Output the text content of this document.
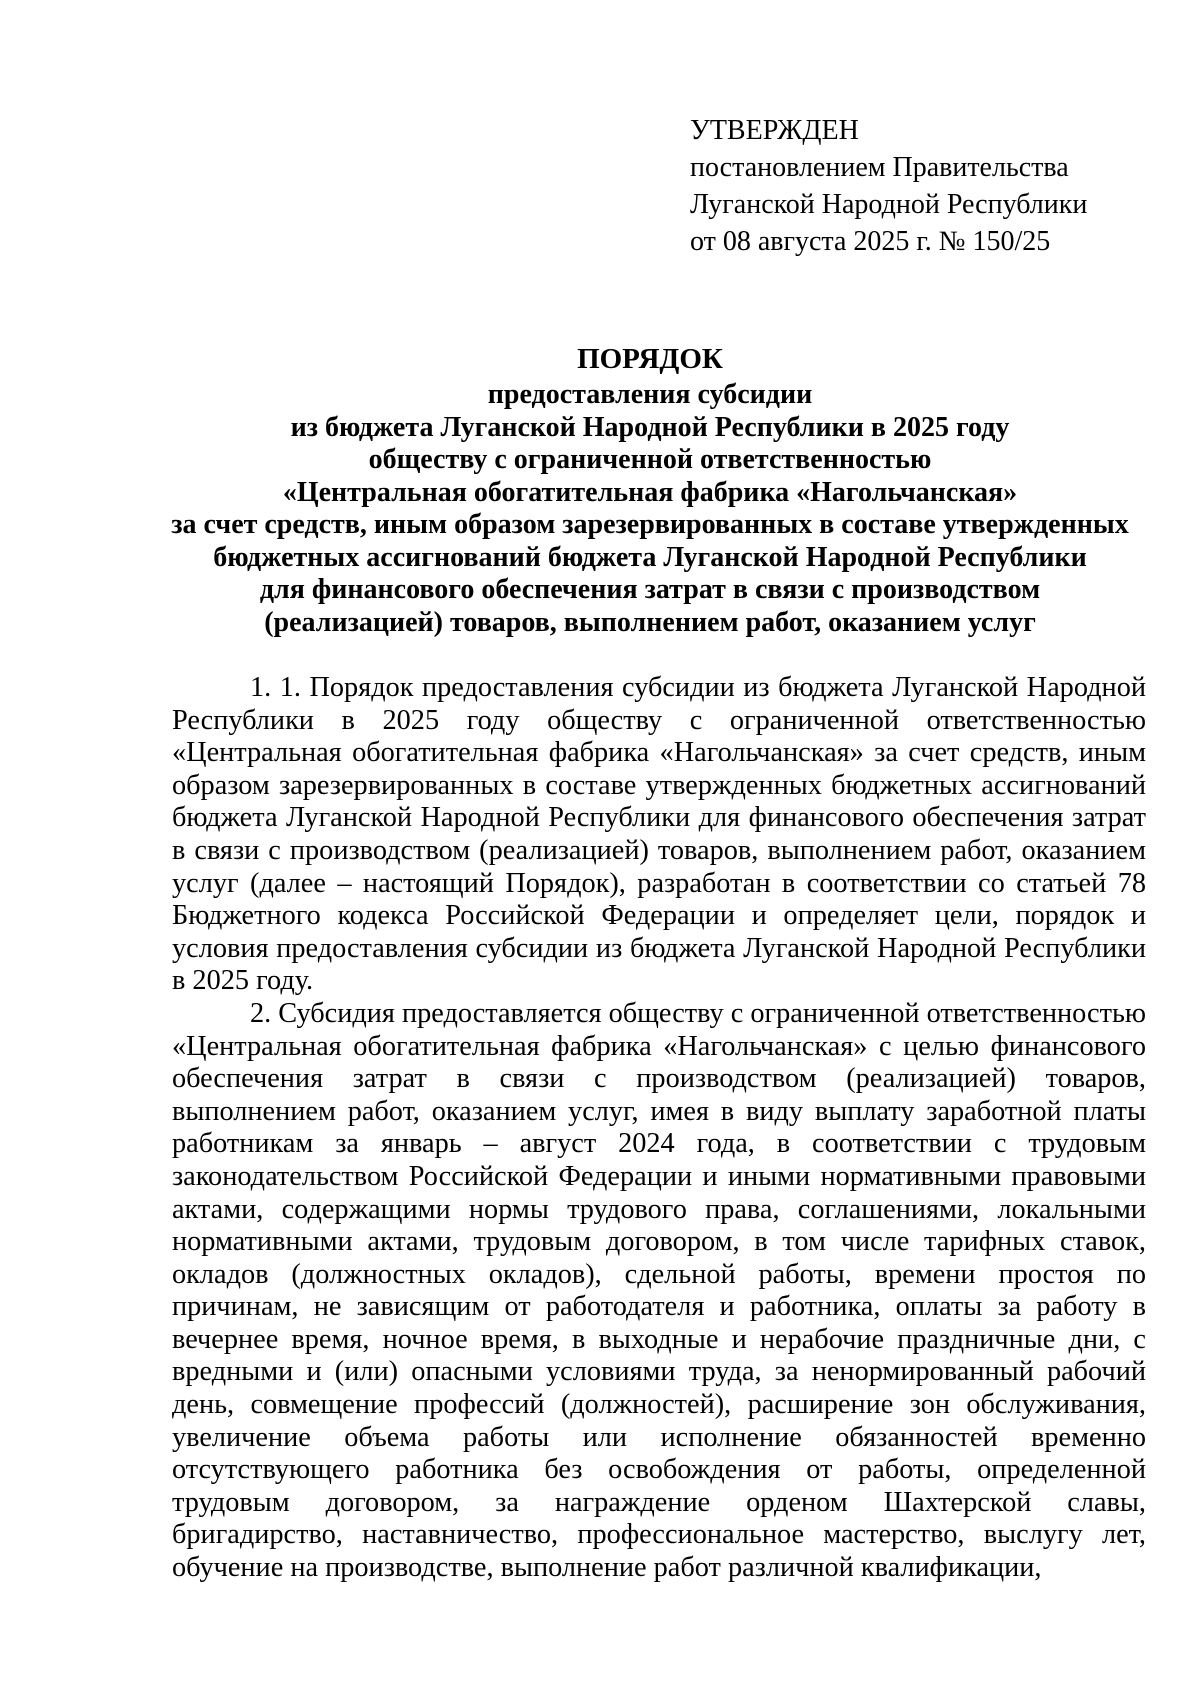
УТВЕРЖДЕН
постановлением Правительства
Луганской Народной Республики
от 08 августа 2025 г. № 150/25
ПОРЯДОК
предоставления субсидии
из бюджета Луганской Народной Республики в 2025 году
обществу с ограниченной ответственностью
«Центральная обогатительная фабрика «Нагольчанская»
за счет средств, иным образом зарезервированных в составе утвержденных
бюджетных ассигнований бюджета Луганской Народной Республики
для финансового обеспечения затрат в связи с производством
(реализацией) товаров, выполнением работ, оказанием услуг

1. 1. Порядок предоставления субсидии из бюджета Луганской Народной Республики в 2025 году обществу с ограниченной ответственностью «Центральная обогатительная фабрика «Нагольчанская» за счет средств, иным образом зарезервированных в составе утвержденных бюджетных ассигнований бюджета Луганской Народной Республики для финансового обеспечения затрат в связи с производством (реализацией) товаров, выполнением работ, оказанием услуг (далее – настоящий Порядок), разработан в соответствии со статьей 78 Бюджетного кодекса Российской Федерации и определяет цели, порядок и условия предоставления субсидии из бюджета Луганской Народной Республики в 2025 году.

2. Субсидия предоставляется обществу с ограниченной ответственностью «Центральная обогатительная фабрика «Нагольчанская» с целью финансового обеспечения затрат в связи с производством (реализацией) товаров, выполнением работ, оказанием услуг, имея в виду выплату заработной платы работникам за январь – август 2024 года, в соответствии с трудовым законодательством Российской Федерации и иными нормативными правовыми актами, содержащими нормы трудового права, соглашениями, локальными нормативными актами, трудовым договором, в том числе тарифных ставок, окладов (должностных окладов), сдельной работы, времени простоя по причинам, не зависящим от работодателя и работника, оплаты за работу в вечернее время, ночное время, в выходные и нерабочие праздничные дни, с вредными и (или) опасными условиями труда, за ненормированный рабочий день, совмещение профессий (должностей), расширение зон обслуживания, увеличение объема работы или исполнение обязанностей временно отсутствующего работника без освобождения от работы, определенной трудовым договором, за награждение орденом Шахтерской славы, бригадирство, наставничество, профессиональное мастерство, выслугу лет, обучение на производстве, выполнение работ различной квалификации,
